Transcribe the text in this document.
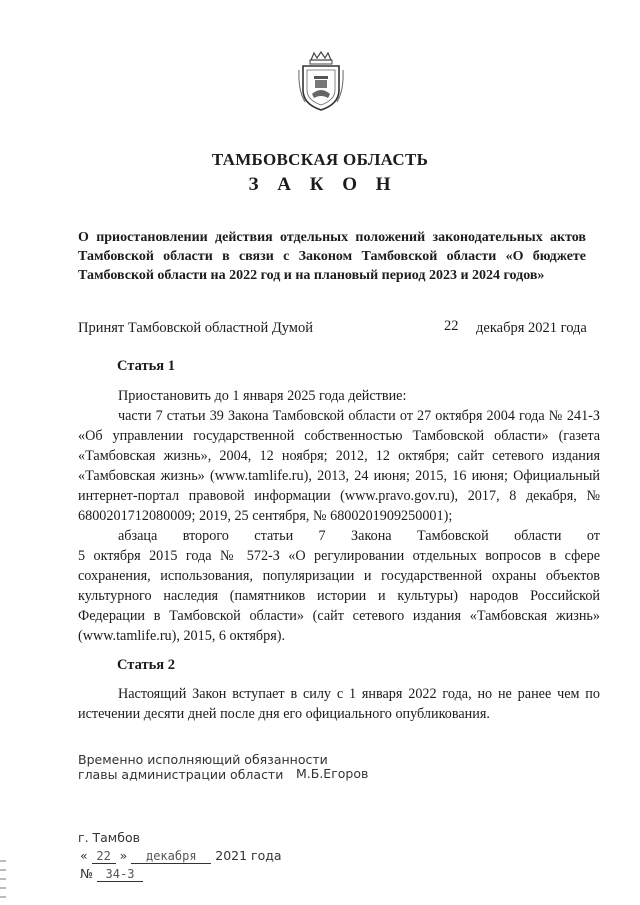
ТАМБОВСКАЯ ОБЛАСТЬ
З А К О Н
О приостановлении действия отдельных положений законодательных актов Тамбовской области в связи с Законом Тамбовской области «О бюджете Тамбовской области на 2022 год и на плановый период 2023 и 2024 годов»
Принят Тамбовской областной Думой	22 декабря 2021 года
Статья 1

Приостановить до 1 января 2025 года действие:

части 7 статьи 39 Закона Тамбовской области от 27 октября 2004 года № 241-З «Об управлении государственной собственностью Тамбовской области» (газета «Тамбовская жизнь», 2004, 12 ноября; 2012, 12 октября; сайт сетевого издания «Тамбовская жизнь» (www.tamlife.ru), 2013, 24 июня; 2015, 16 июня; Официальный интернет-портал правовой информации (www.pravo.gov.ru), 2017, 8 декабря, № 6800201712080009; 2019, 25 сентября, № 6800201909250001);

абзаца второго статьи 7 Закона Тамбовской области от

5 октября 2015 года № 572-З «О регулировании отдельных вопросов в сфере сохранения, использования, популяризации и государственной охраны объектов культурного наследия (памятников истории и культуры) народов Российской Федерации в Тамбовской области» (сайт сетевого издания «Тамбовская жизнь» (www.tamlife.ru), 2015, 6 октября).

Статья 2

Настоящий Закон вступает в силу с 1 января 2022 года, но не ранее чем по истечении десяти дней после дня его официального опубликования.

Временно исполняющий обязанности
главы администрации области М.Б.Егоров
г. Тамбов
« 22 » декабря 2021 года
№ 34-З
